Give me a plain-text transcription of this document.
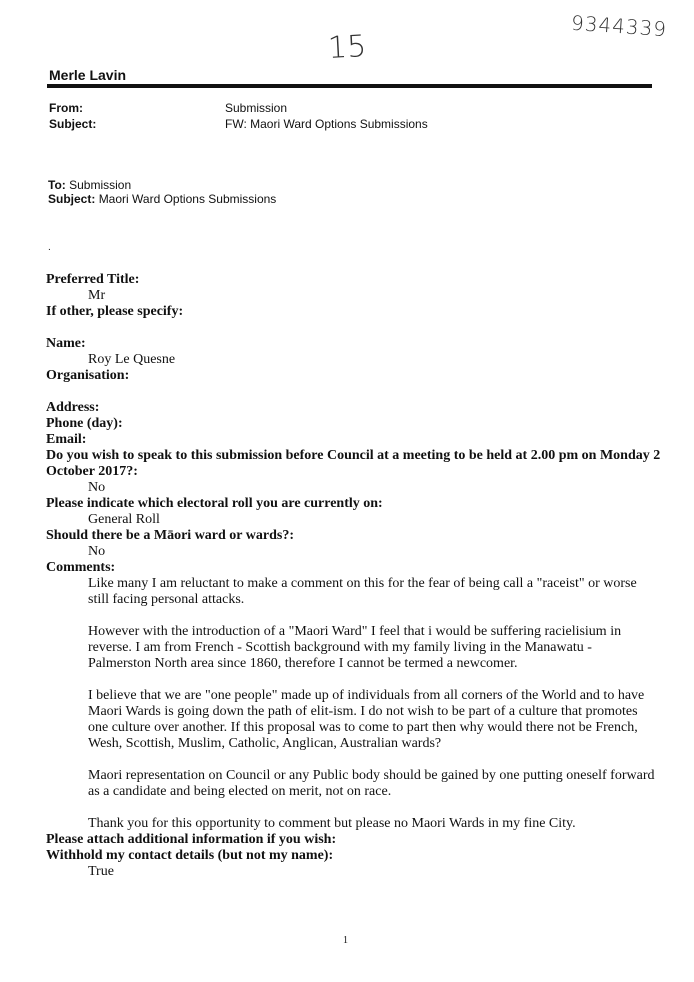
9344339
15
Merle Lavin
From:	Submission
Subject:	FW: Maori Ward Options Submissions
To: Submission
Subject: Maori Ward Options Submissions
.
Preferred Title:
Mr
If other, please specify:
Name:
Roy Le Quesne
Organisation:
Address:
Phone (day):
Email:
Do you wish to speak to this submission before Council at a meeting to be held at 2.00 pm on Monday 2 October 2017?:
No
Please indicate which electoral roll you are currently on:
General Roll
Should there be a Māori ward or wards?:
No
Comments:
Like many I am reluctant to make a comment on this for the fear of being call a "raceist" or worse
still facing personal attacks.
However with the introduction of a "Maori Ward" I feel that i would be suffering racielisium in
reverse. I am from French - Scottish background with my family living in the Manawatu -
Palmerston North area since 1860, therefore I cannot be termed a newcomer.
I believe that we are "one people" made up of individuals from all corners of the World and to have
Maori Wards is going down the path of elit-ism. I do not wish to be part of a culture that promotes
one culture over another. If this proposal was to come to part then why would there not be French,
Wesh, Scottish, Muslim, Catholic, Anglican, Australian wards?
Maori representation on Council or any Public body should be gained by one putting oneself forward
as a candidate and being elected on merit, not on race.
Thank you for this opportunity to comment but please no Maori Wards in my fine City.
Please attach additional information if you wish:
Withhold my contact details (but not my name):
True
1
